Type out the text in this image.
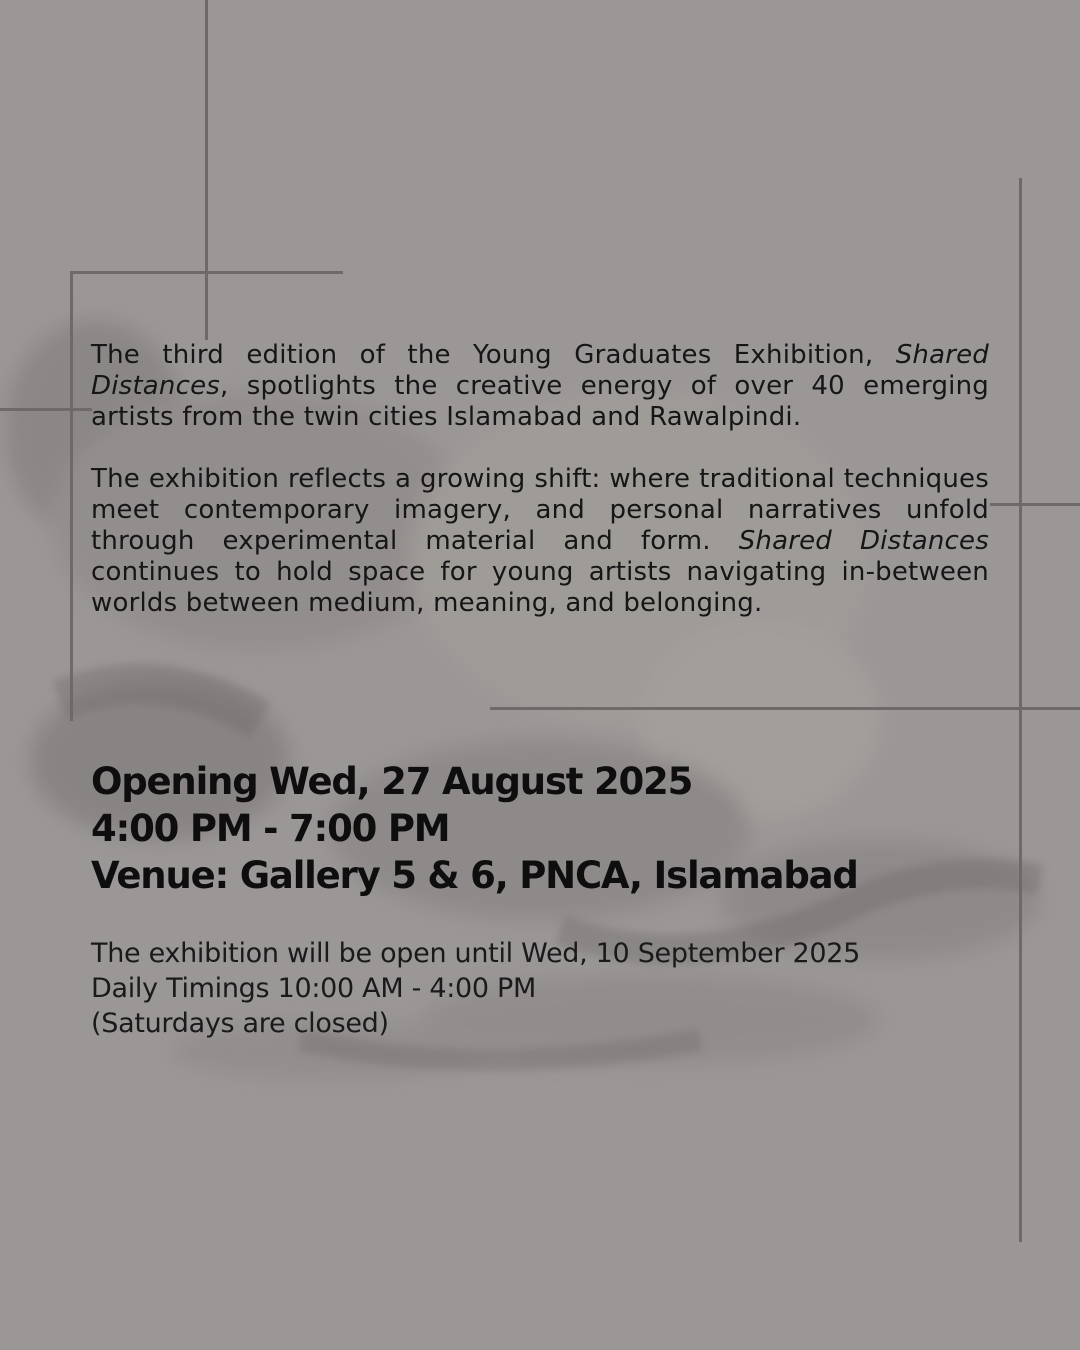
The third edition of the Young Graduates Exhibition, Shared Distances, spotlights the creative energy of over 40 emerging artists from the twin cities Islamabad and Rawalpindi.

The exhibition reflects a growing shift: where traditional techniques meet contemporary imagery, and personal narratives unfold through experimental material and form. Shared Distances continues to hold space for young artists navigating in-between worlds between medium, meaning, and belonging.

Opening Wed, 27 August 2025
4:00 PM - 7:00 PM
Venue: Gallery 5 & 6, PNCA, Islamabad
The exhibition will be open until Wed, 10 September 2025
Daily Timings 10:00 AM - 4:00 PM
(Saturdays are closed)
